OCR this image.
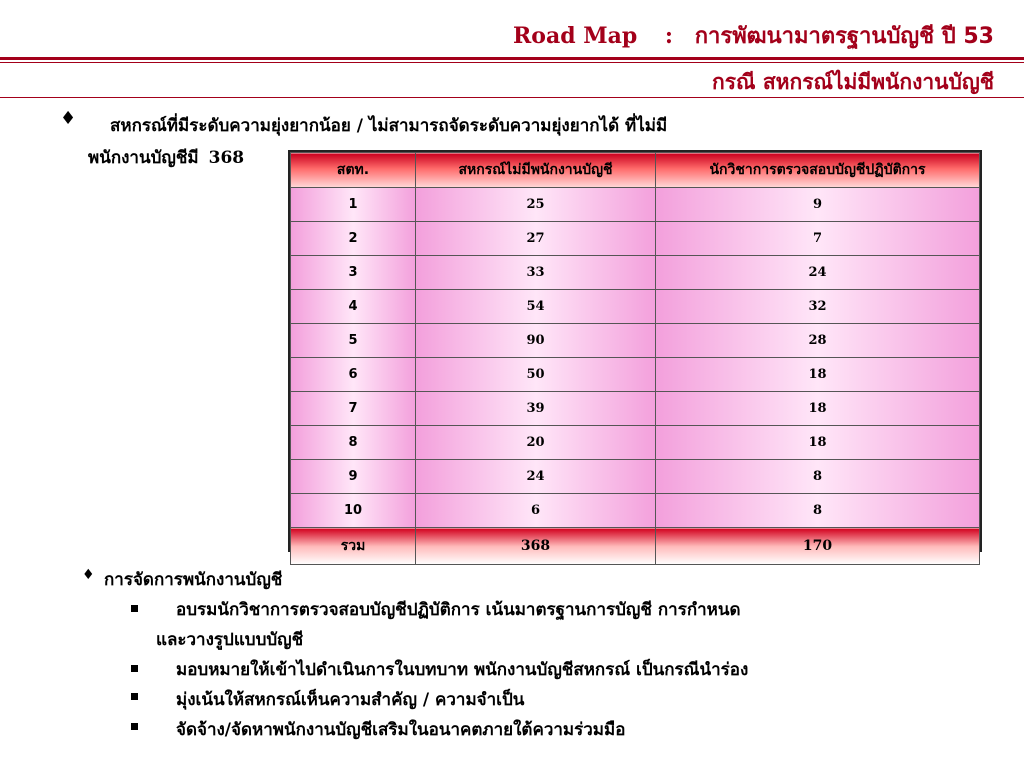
Road Map : การพัฒนามาตรฐานบัญชี ปี 53
กรณี สหกรณ์ไม่มีพนักงานบัญชี
♦ สหกรณ์ที่มีระดับความยุ่งยากน้อย / ไม่สามารถจัดระดับความยุ่งยากได้ ที่ไม่มี
พนักงานบัญชีมี 368
สตท.	สหกรณ์ไม่มีพนักงานบัญชี	นักวิชาการตรวจสอบบัญชีปฏิบัติการ
1	25	9
2	27	7
3	33	24
4	54	32
5	90	28
6	50	18
7	39	18
8	20	18
9	24	8
10	6	8
รวม	368	170
♦ การจัดการพนักงานบัญชี
อบรมนักวิชาการตรวจสอบบัญชีปฏิบัติการ เน้นมาตรฐานการบัญชี การกำหนด
และวางรูปแบบบัญชี
มอบหมายให้เข้าไปดำเนินการในบทบาท พนักงานบัญชีสหกรณ์ เป็นกรณีนำร่อง
มุ่งเน้นให้สหกรณ์เห็นความสำคัญ / ความจำเป็น
จัดจ้าง/จัดหาพนักงานบัญชีเสริมในอนาคตภายใต้ความร่วมมือ
